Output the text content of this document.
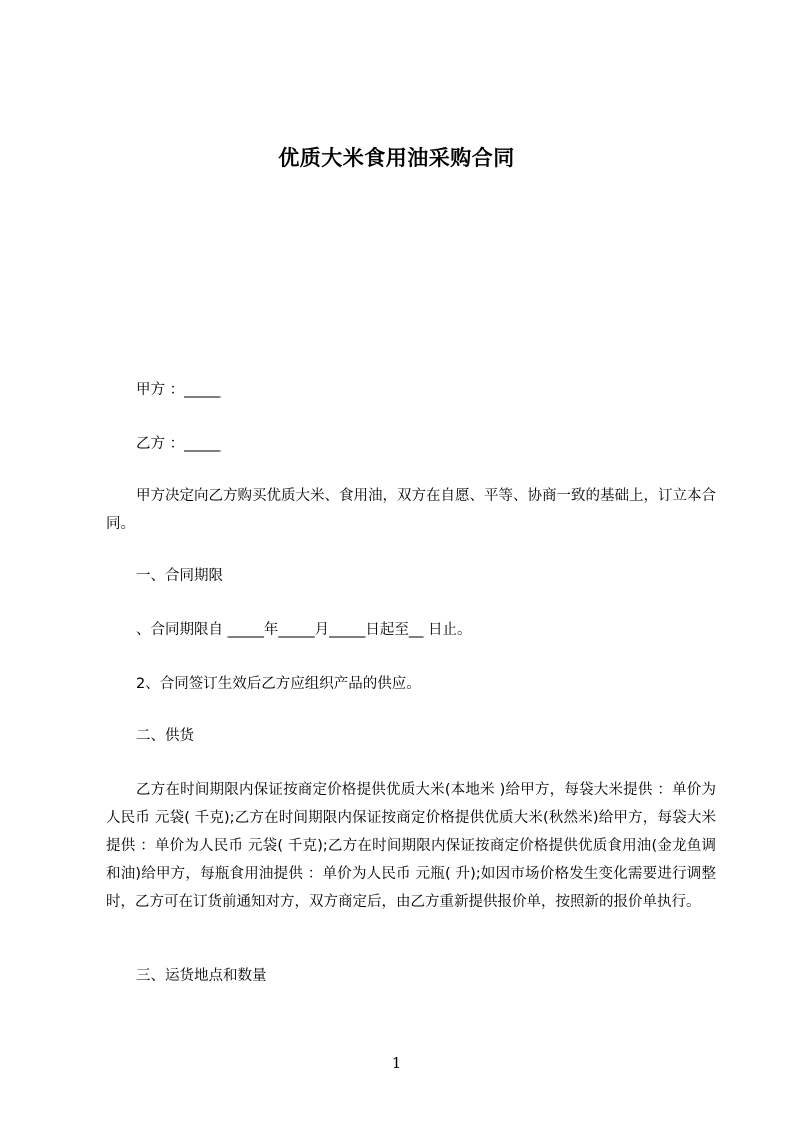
优质大米食用油采购合同
甲方 ：_____
乙方 ：_____
甲方决定向乙方购买优质大米、食用油，双方在自愿、平等、协商一致的基础上，订立本合同。
一、合同期限
、合同期限自 _____年_____月_____日起至__ 日止。
2、合同签订生效后乙方应组织产品的供应。
二、供货
乙方在时间期限内保证按商定价格提供优质大米(本地米 )给甲方，每袋大米提供 ：单价为人民币 元袋( 千克);乙方在时间期限内保证按商定价格提供优质大米(秋然米)给甲方，每袋大米提供 ：单价为人民币 元袋( 千克);乙方在时间期限内保证按商定价格提供优质食用油(金龙鱼调和油)给甲方，每瓶食用油提供 ：单价为人民币 元瓶( 升);如因市场价格发生变化需要进行调整时，乙方可在订货前通知对方，双方商定后，由乙方重新提供报价单，按照新的报价单执行。
三、运货地点和数量
1
